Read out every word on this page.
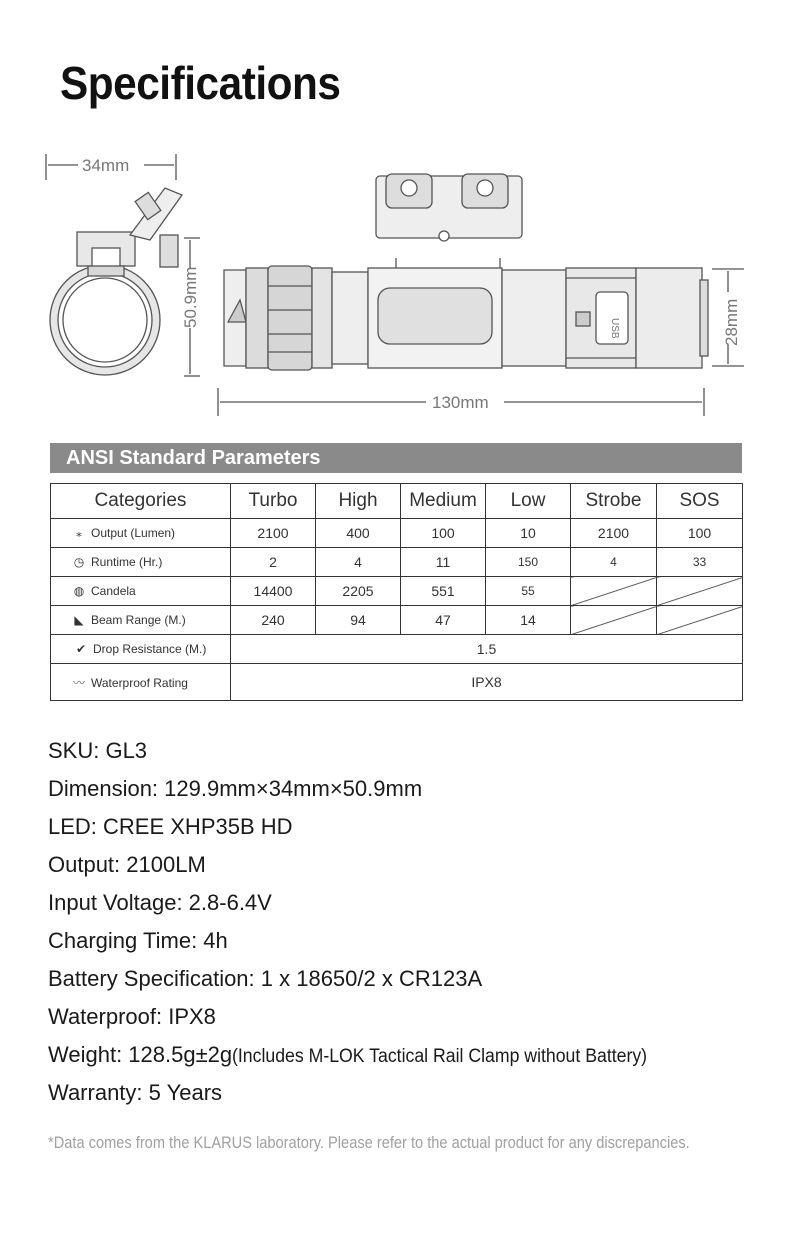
Specifications
34mm
50.9mm
USB	28mm
130mm
ANSI Standard Parameters
Categories	Turbo	High	Medium	Low	Strobe	SOS
⁎ Output (Lumen)	2100	400	100	10	2100	100
◷ Runtime (Hr.)	2	4	11	150	4	33
◍ Candela	14400	2205	551	55		
◣ Beam Range (M.)	240	94	47	14		
✔ Drop Resistance (M.)	1.5					
〰 Waterproof Rating	IPX8					
SKU: GL3
Dimension: 129.9mm×34mm×50.9mm
LED: CREE XHP35B HD
Output: 2100LM
Input Voltage: 2.8-6.4V
Charging Time: 4h
Battery Specification: 1 x 18650/2 x CR123A
Waterproof: IPX8
Weight: 128.5g±2g(Includes M-LOK Tactical Rail Clamp without Battery)
Warranty: 5 Years
*Data comes from the KLARUS laboratory. Please refer to the actual product for any discrepancies.
